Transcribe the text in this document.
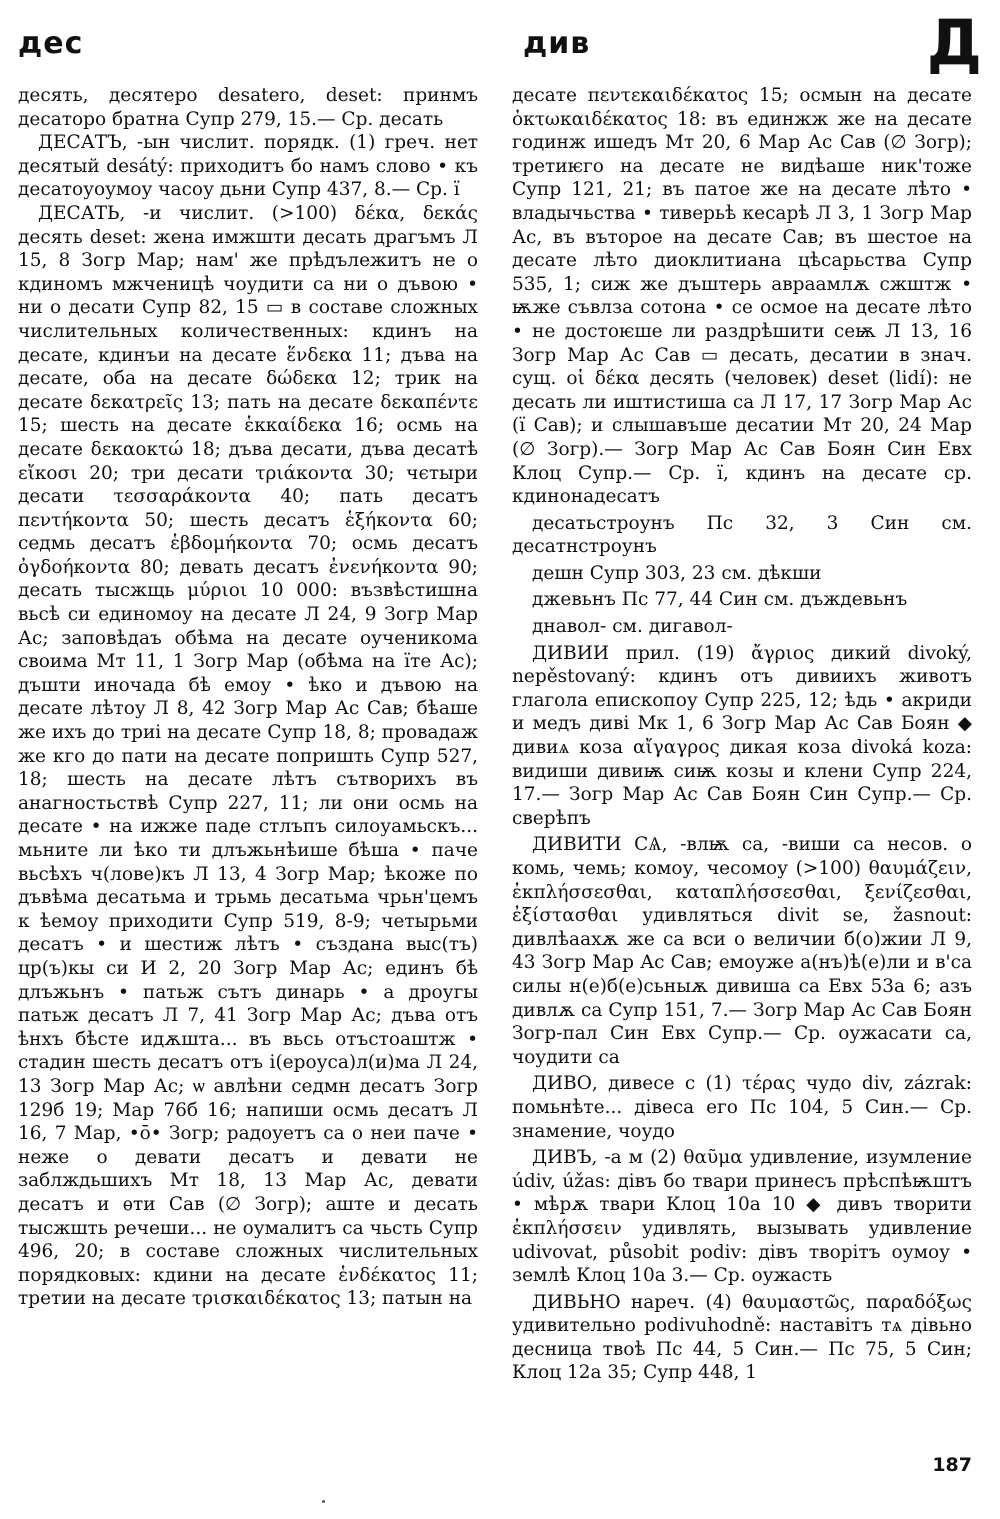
дес	див	Д

десять, десятеро desatero, deset: принмъ десаторо братна Супр 279, 15.— Ср. десать

ДЕСАТЪ, -ын числит. порядк. (1) греч. нет десятый desátý: приходитъ бо намъ слово • къ десатоуоумоу часоу дьни Супр 437, 8.— Ср. ї

ДЕСАТЬ, -и числит. (>100) δέκα, δεκάς десять deset: жена имжшти десать драгъмъ Л 15, 8 Зогр Мар; нам' же прѣдълежитъ не о кдиномъ мжченицѣ чоудити са ни о дъвою • ни о десати Супр 82, 15 ▭ в составе сложных числительных количественных: кдинъ на десате, кдинъи на десате ἕνδεκα 11; дъва на десате, оба на десате δώδεκα 12; трик на десате δεκατρεῖς 13; пать на десате δεκαπέντε 15; шесть на десате ἑκκαίδεκα 16; осмь на десате δεκαοκτώ 18; дъва десати, дъва десатѣ εἴκοσι 20; три десати τριάκοντα 30; чєтыри десати τεσσαράκοντα 40; пать десатъ πεντήκοντα 50; шесть десатъ ἑξήκοντα 60; седмь десатъ ἑβδομήκοντα 70; осмь десатъ ὀγδοήκοντα 80; девать десатъ ἐνενήκοντα 90; десать тысжщь μύριοι 10 000: възвѣстишна вьсѣ си единомоу на десате Л 24, 9 Зогр Мар Ас; заповѣдаъ обѣма на десате оученикома своима Мт 11, 1 Зогр Мар (обѣма на їте Ас); дъшти иночада бѣ емоу • ѣко и дъвою на десате лѣтоу Л 8, 42 Зогр Мар Ас Сав; бѣаше же ихъ до триі на десате Супр 18, 8; провадаж же кго до пати на десате попришть Супр 527, 18; шесть на десате лѣтъ сътворихъ въ анагностьствѣ Супр 227, 11; ли они осмь на десате • на ижже паде стлъпъ силоуамьскъ... мьните ли ѣко ти длъжьнѣише бѣша • паче вьсѣхъ ч(лове)къ Л 13, 4 Зогр Мар; ѣкоже по дъвѣма десатьма и трьмь десатьма чрьн'цемъ к ѣемоу приходити Супр 519, 8-9; четырьми десатъ • и шестиж лѣтъ • създана выс(тъ) цр(ъ)кы си И 2, 20 Зогр Мар Ас; единъ бѣ длъжьнъ • патьж сътъ динарь • а дроугы патьж десатъ Л 7, 41 Зогр Мар Ас; дъва отъ ѣнхъ бѣсте идѫшта... въ вьсь отъстоаштж • стадин шесть десатъ отъ і(ероуса)л(и)ма Л 24, 13 Зогр Мар Ас; ѡ авлѣни седмн десатъ Зогр 129б 19; Мар 76б 16; напиши осмь десатъ Л 16, 7 Мар, •ō• Зогр; радоуетъ са о неи паче • неже о девати десатъ и девати не заблждьшихъ Мт 18, 13 Мар Ас, девати десатъ и ѳти Сав (∅ Зогр); аште и десать тысжшть речеши... не оумалитъ са чьсть Супр 496, 20; в составе сложных числительных порядковых: кдини на десате ἑνδέκατος 11; третии на десате τρισκαιδέκατος 13; патын на

десате πεντεκαιδέκατος 15; осмын на десате ὀκτωκαιδέκατος 18: въ единжж же на десате годинж ишедъ Мт 20, 6 Мар Ас Сав (∅ Зогр); третиѥго на десате не видѣаше ник'тоже Супр 121, 21; въ патое же на десате лѣто • владычьства • тиверьѣ кесарѣ Л 3, 1 Зогр Мар Ас, въ въторое на десате Сав; въ шестое на десате лѣто диоклитиана цѣсарьства Супр 535, 1; сиж же дъштерь авраамлѫ сжштж • ѭже съвлза сотона • се осмое на десате лѣто • не достоѥше ли раздрѣшити сеѭ Л 13, 16 Зогр Мар Ас Сав ▭ десать, десатии в знач. сущ. οἱ δέκα десять (человек) deset (lidí): не десать ли иштистиша са Л 17, 17 Зогр Мар Ас (ї Сав); и слышавъше десатии Мт 20, 24 Мар (∅ Зогр).— Зогр Мар Ас Сав Боян Син Евх Клоц Супр.— Ср. ї, кдинъ на десате ср. кдинонадесатъ

десатьстроунъ Пс 32, 3 Син см. десатнстроунъ

дешн Супр 303, 23 см. дѣкши

джевьнъ Пс 77, 44 Син см. дъждевьнъ

днавол- см. дигавол-

ДИВИИ прил. (19) ἄγριος дикий divoký, nepěstovaný: кдинъ отъ дивиихъ животъ глагола епископоу Супр 225, 12; ѣдь • акриди и медъ диві Мк 1, 6 Зогр Мар Ас Сав Боян ◆ дивиѧ коза αἴγαγρος дикая коза divoká koza: видиши дивиѭ сиѭ козы и клени Супр 224, 17.— Зогр Мар Ас Сав Боян Син Супр.— Ср. сверѣпъ

ДИВИТИ СѦ, -влѭ са, -виши са несов. о комь, чемь; комоу, чесомоу (>100) θαυμάζειν, ἐκπλήσσεσθαι, καταπλήσσεσθαι, ξενίζεσθαι, ἐξίστασθαι удивляться divit se, žasnout: дивлѣаахѫ же са вси о величии б(о)жии Л 9, 43 Зогр Мар Ас Сав; емоуже а(нъ)ѣ(е)ли и в'са силы н(е)б(е)сьныѫ дивиша са Евх 53а 6; азъ дивлѫ са Супр 151, 7.— Зогр Мар Ас Сав Боян Зогр-пал Син Евх Супр.— Ср. оужасати са, чоудити са

ДИВО, дивесе с (1) τέρας чудо div, zázrak: помьнѣте... дівеса его Пс 104, 5 Син.— Ср. знамение, чоудо

ДИВЪ, -а м (2) θαῦμα удивление, изумление údiv, úžas: дівъ бо твари принесъ прѣспѣѭштъ • мѣрѫ твари Клоц 10а 10 ◆ дивъ творити ἐκπλήσσειν удивлять, вызывать удивление udivovat, působit podiv: дівъ творітъ оумоу • землѣ Клоц 10а 3.— Ср. оужасть

ДИВЬНО нареч. (4) θαυμαστῶς, παραδόξως удивительно podivuhodně: наставітъ тѧ дівьно десница твоѣ Пс 44, 5 Син.— Пс 75, 5 Син; Клоц 12а 35; Супр 448, 1

187
